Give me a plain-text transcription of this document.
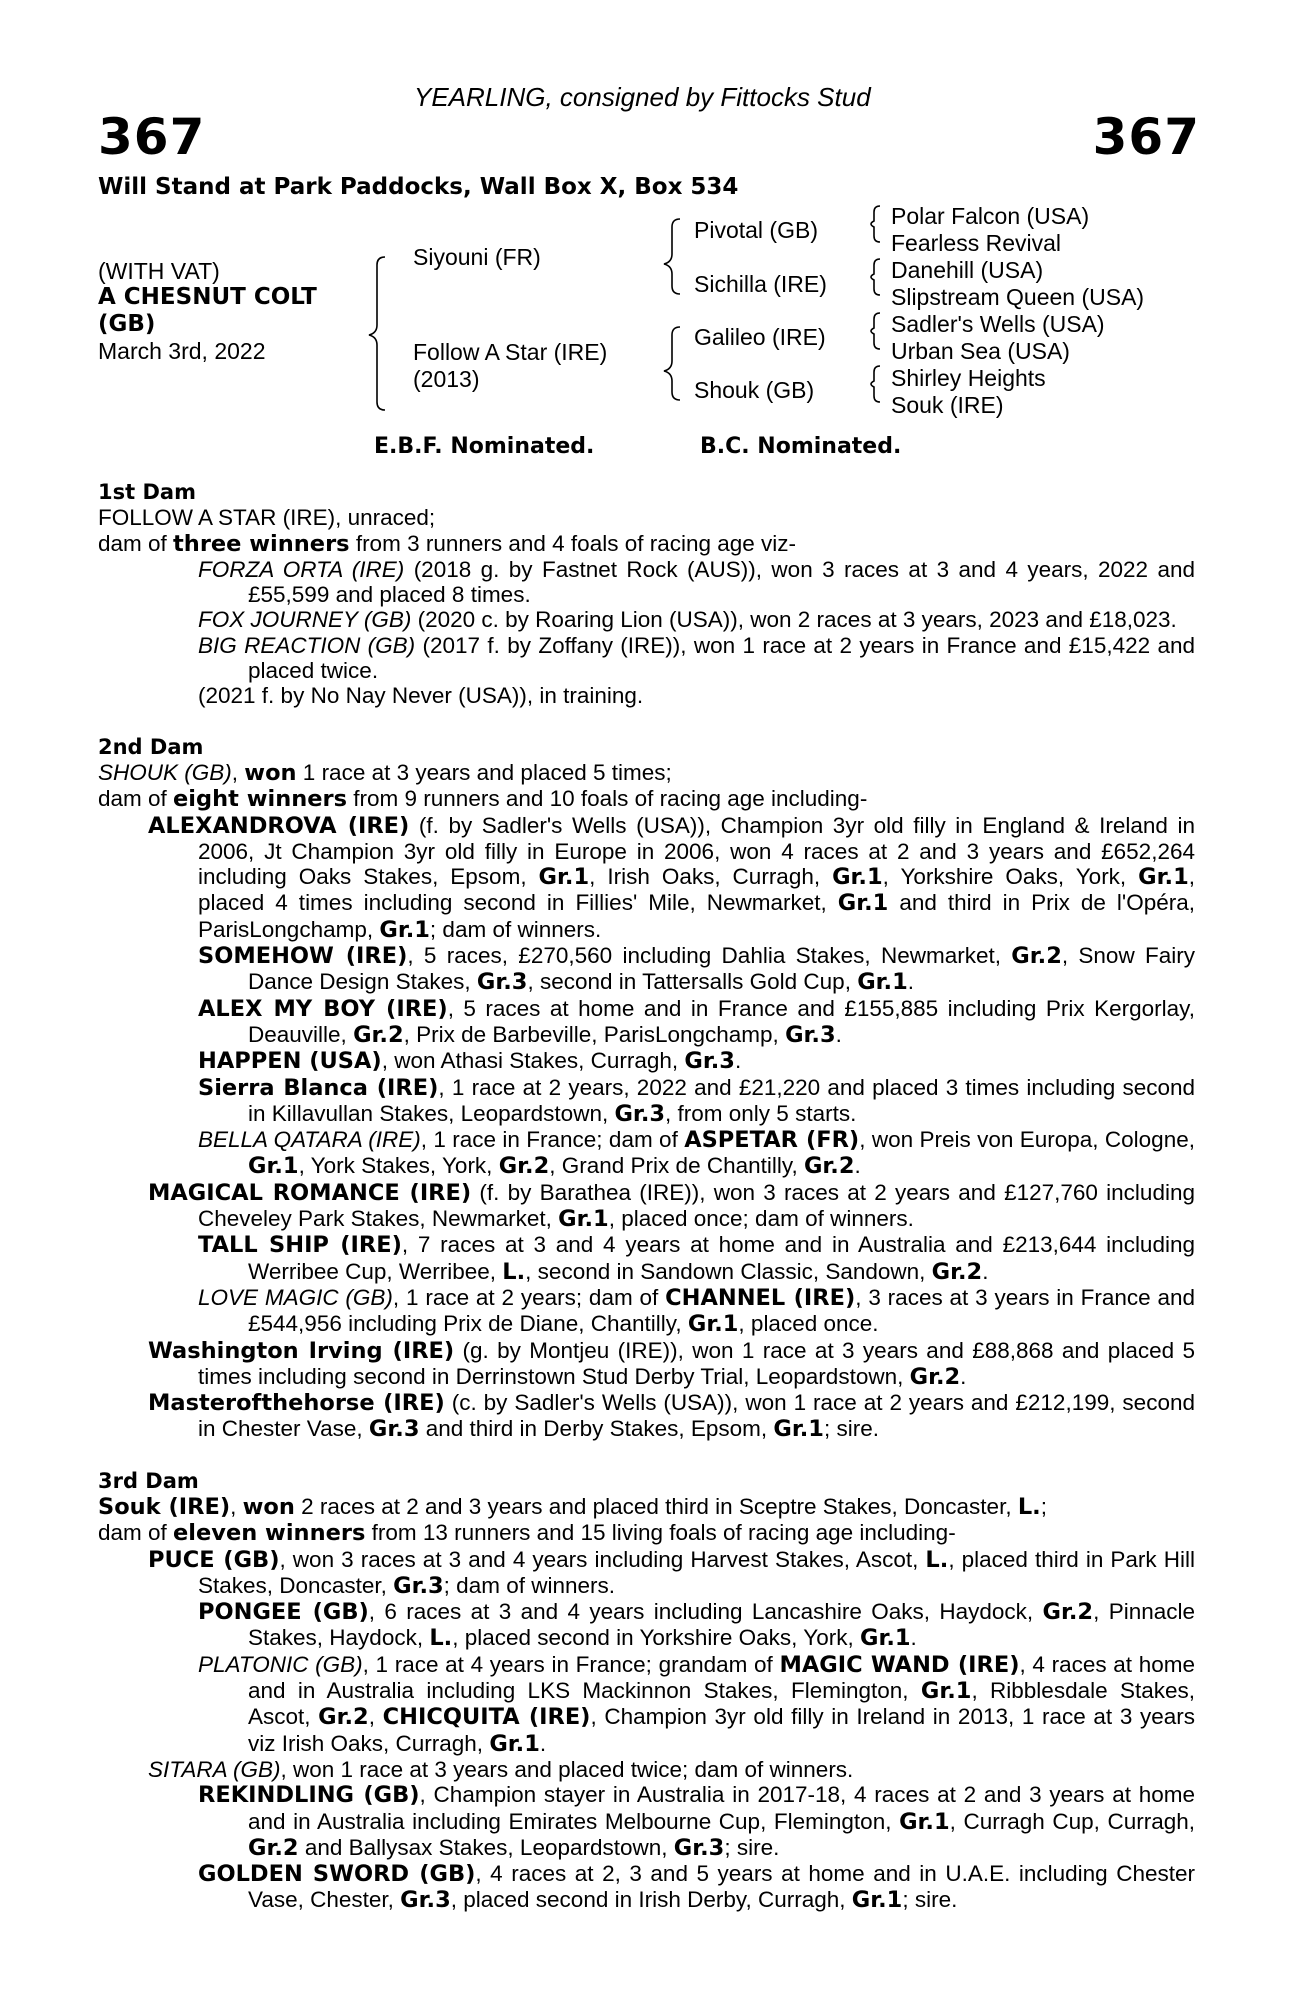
YEARLING, consigned by Fittocks Stud
367	367
Will Stand at Park Paddocks, Wall Box X, Box 534
(WITH VAT)
A CHESNUT COLT
(GB)
March 3rd, 2022
Siyouni (FR)
Follow A Star (IRE)
(2013)
Pivotal (GB)
Sichilla (IRE)
Galileo (IRE)
Shouk (GB)
Polar Falcon (USA)
Fearless Revival
Danehill (USA)
Slipstream Queen (USA)
Sadler's Wells (USA)
Urban Sea (USA)
Shirley Heights
Souk (IRE)
E.B.F. Nominated.	B.C. Nominated.

1st Dam

FOLLOW A STAR (IRE), unraced;

dam of three winners from 3 runners and 4 foals of racing age viz-

FORZA ORTA (IRE) (2018 g. by Fastnet Rock (AUS)), won 3 races at 3 and 4 years, 2022 and £55,599 and placed 8 times.

FOX JOURNEY (GB) (2020 c. by Roaring Lion (USA)), won 2 races at 3 years, 2023 and £18,023.

BIG REACTION (GB) (2017 f. by Zoffany (IRE)), won 1 race at 2 years in France and £15,422 and placed twice.

(2021 f. by No Nay Never (USA)), in training.

2nd Dam

SHOUK (GB), won 1 race at 3 years and placed 5 times;

dam of eight winners from 9 runners and 10 foals of racing age including-

ALEXANDROVA (IRE) (f. by Sadler's Wells (USA)), Champion 3yr old filly in England & Ireland in 2006, Jt Champion 3yr old filly in Europe in 2006, won 4 races at 2 and 3 years and £652,264 including Oaks Stakes, Epsom, Gr.1, Irish Oaks, Curragh, Gr.1, Yorkshire Oaks, York, Gr.1, placed 4 times including second in Fillies' Mile, Newmarket, Gr.1 and third in Prix de l'Opéra, ParisLongchamp, Gr.1; dam of winners.

SOMEHOW (IRE), 5 races, £270,560 including Dahlia Stakes, Newmarket, Gr.2, Snow Fairy Dance Design Stakes, Gr.3, second in Tattersalls Gold Cup, Gr.1.

ALEX MY BOY (IRE), 5 races at home and in France and £155,885 including Prix Kergorlay, Deauville, Gr.2, Prix de Barbeville, ParisLongchamp, Gr.3.

HAPPEN (USA), won Athasi Stakes, Curragh, Gr.3.

Sierra Blanca (IRE), 1 race at 2 years, 2022 and £21,220 and placed 3 times including second in Killavullan Stakes, Leopardstown, Gr.3, from only 5 starts.

BELLA QATARA (IRE), 1 race in France; dam of ASPETAR (FR), won Preis von Europa, Cologne, Gr.1, York Stakes, York, Gr.2, Grand Prix de Chantilly, Gr.2.

MAGICAL ROMANCE (IRE) (f. by Barathea (IRE)), won 3 races at 2 years and £127,760 including Cheveley Park Stakes, Newmarket, Gr.1, placed once; dam of winners.

TALL SHIP (IRE), 7 races at 3 and 4 years at home and in Australia and £213,644 including Werribee Cup, Werribee, L., second in Sandown Classic, Sandown, Gr.2.

LOVE MAGIC (GB), 1 race at 2 years; dam of CHANNEL (IRE), 3 races at 3 years in France and £544,956 including Prix de Diane, Chantilly, Gr.1, placed once.

Washington Irving (IRE) (g. by Montjeu (IRE)), won 1 race at 3 years and £88,868 and placed 5 times including second in Derrinstown Stud Derby Trial, Leopardstown, Gr.2.

Masterofthehorse (IRE) (c. by Sadler's Wells (USA)), won 1 race at 2 years and £212,199, second in Chester Vase, Gr.3 and third in Derby Stakes, Epsom, Gr.1; sire.

3rd Dam

Souk (IRE), won 2 races at 2 and 3 years and placed third in Sceptre Stakes, Doncaster, L.;

dam of eleven winners from 13 runners and 15 living foals of racing age including-

PUCE (GB), won 3 races at 3 and 4 years including Harvest Stakes, Ascot, L., placed third in Park Hill Stakes, Doncaster, Gr.3; dam of winners.

PONGEE (GB), 6 races at 3 and 4 years including Lancashire Oaks, Haydock, Gr.2, Pinnacle Stakes, Haydock, L., placed second in Yorkshire Oaks, York, Gr.1.

PLATONIC (GB), 1 race at 4 years in France; grandam of MAGIC WAND (IRE), 4 races at home and in Australia including LKS Mackinnon Stakes, Flemington, Gr.1, Ribblesdale Stakes, Ascot, Gr.2, CHICQUITA (IRE), Champion 3yr old filly in Ireland in 2013, 1 race at 3 years viz Irish Oaks, Curragh, Gr.1.

SITARA (GB), won 1 race at 3 years and placed twice; dam of winners.

REKINDLING (GB), Champion stayer in Australia in 2017-18, 4 races at 2 and 3 years at home and in Australia including Emirates Melbourne Cup, Flemington, Gr.1, Curragh Cup, Curragh, Gr.2 and Ballysax Stakes, Leopardstown, Gr.3; sire.

GOLDEN SWORD (GB), 4 races at 2, 3 and 5 years at home and in U.A.E. including Chester Vase, Chester, Gr.3, placed second in Irish Derby, Curragh, Gr.1; sire.
